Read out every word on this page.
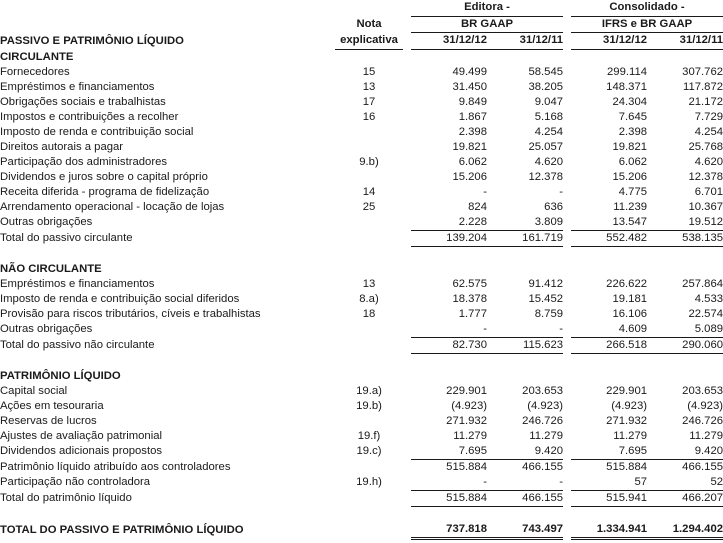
			Editora -			Consolidado -	
	Nota		BR GAAP			IFRS e BR GAAP	
PASSIVO E PATRIMÔNIO LÍQUIDO	explicativa		31/12/12	31/12/11		31/12/12	31/12/11
CIRCULANTE							
Fornecedores	15		49.499	58.545		299.114	307.762
Empréstimos e financiamentos	13		31.450	38.205		148.371	117.872
Obrigações sociais e trabalhistas	17		9.849	9.047		24.304	21.172
Impostos e contribuições a recolher	16		1.867	5.168		7.645	7.729
Imposto de renda e contribuição social			2.398	4.254		2.398	4.254
Direitos autorais a pagar			19.821	25.057		19.821	25.768
Participação dos administradores	9.b)		6.062	4.620		6.062	4.620
Dividendos e juros sobre o capital próprio			15.206	12.378		15.206	12.378
Receita diferida - programa de fidelização	14		-	-		4.775	6.701
Arrendamento operacional - locação de lojas	25		824	636		11.239	10.367
Outras obrigações			2.228	3.809		13.547	19.512
Total do passivo circulante			139.204	161.719		552.482	538.135

NÃO CIRCULANTE							
Empréstimos e financiamentos	13		62.575	91.412		226.622	257.864
Imposto de renda e contribuição social diferidos	8.a)		18.378	15.452		19.181	4.533
Provisão para riscos tributários, cíveis e trabalhistas	18		1.777	8.759		16.106	22.574
Outras obrigações			-	-		4.609	5.089
Total do passivo não circulante			82.730	115.623		266.518	290.060

PATRIMÔNIO LÍQUIDO							
Capital social	19.a)		229.901	203.653		229.901	203.653
Ações em tesouraria	19.b)		(4.923)	(4.923)		(4.923)	(4.923)
Reservas de lucros			271.932	246.726		271.932	246.726
Ajustes de avaliação patrimonial	19.f)		11.279	11.279		11.279	11.279
Dividendos adicionais propostos	19.c)		7.695	9.420		7.695	9.420
Patrimônio líquido atribuído aos controladores			515.884	466.155		515.884	466.155
Participação não controladora	19.h)		-	-		57	52
Total do patrimônio líquido			515.884	466.155		515.941	466.207

TOTAL DO PASSIVO E PATRIMÔNIO LÍQUIDO			737.818	743.497		1.334.941	1.294.402
